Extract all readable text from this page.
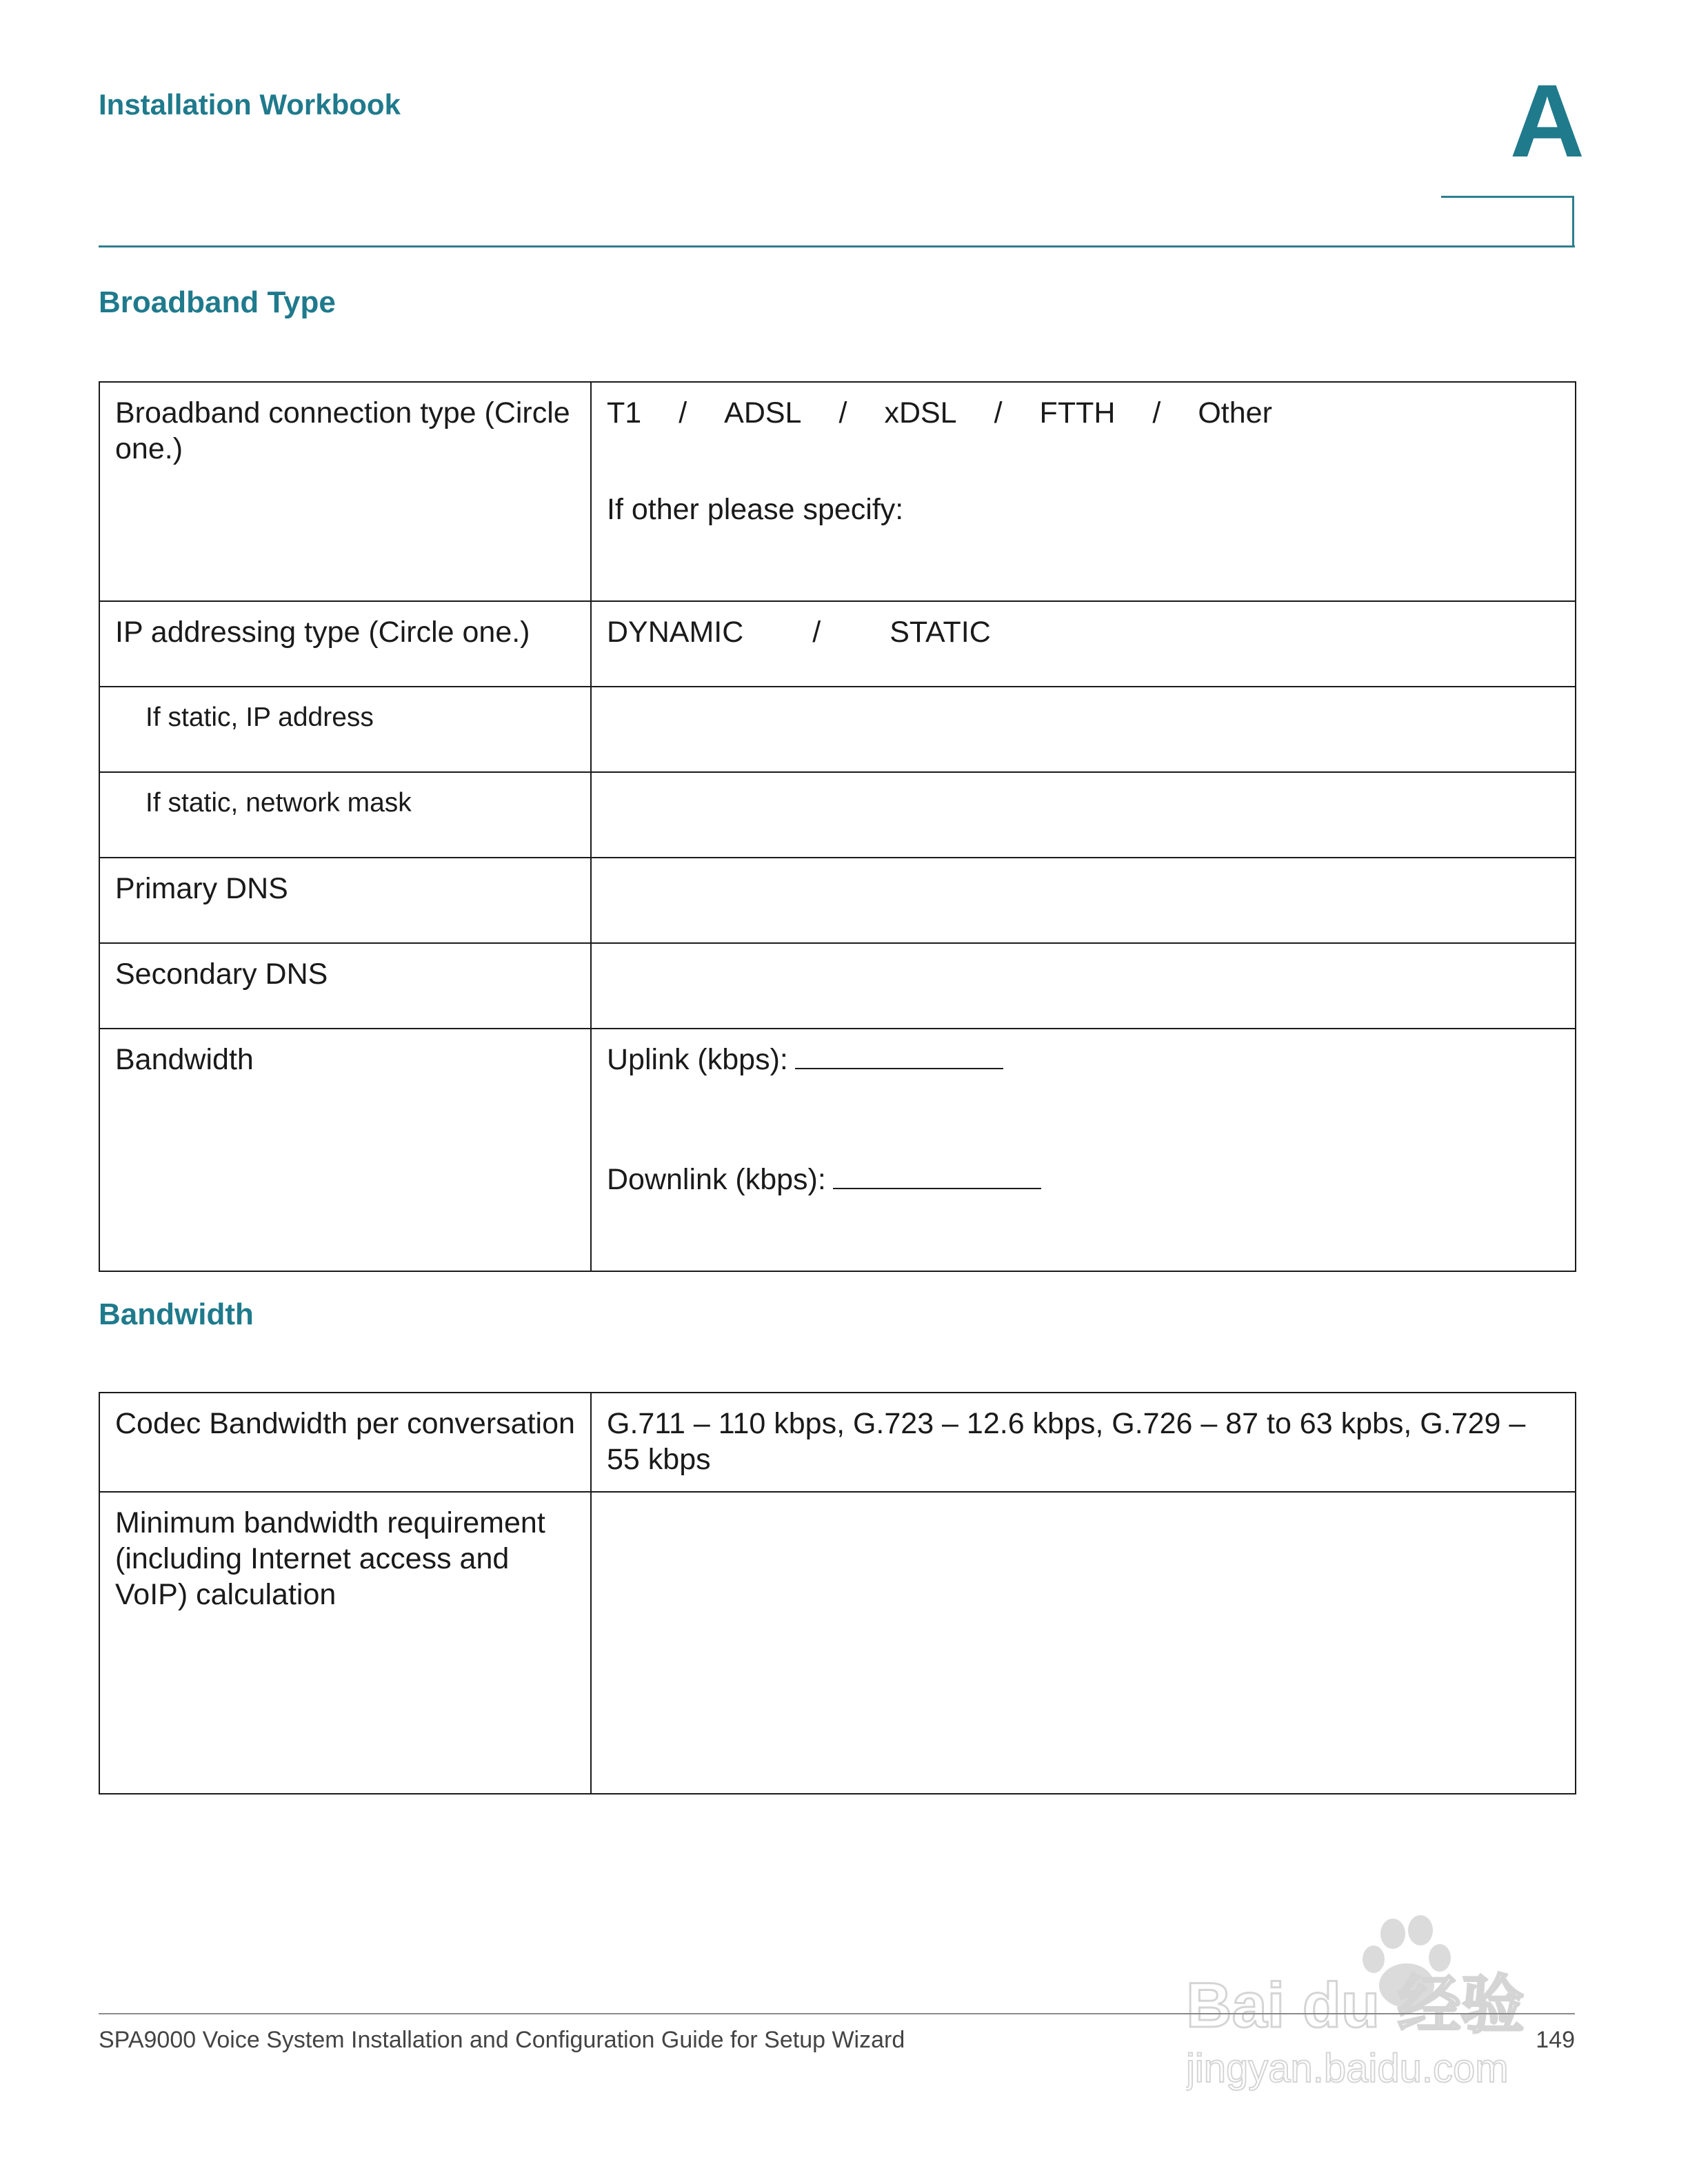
Installation Workbook	A
Broadband Type
Broadband connection type (Circle one.)	T1 / ADSL / xDSL / FTTH / Other
If other please specify:

IP addressing type (Circle one.)	DYNAMIC / STATIC
If static, IP address	
If static, network mask	
Primary DNS	
Secondary DNS	
Bandwidth	Uplink (kbps):
Downlink (kbps):
Bandwidth
Codec Bandwidth per conversation	G.711 – 110 kbps, G.723 – 12.6 kbps, G.726 – 87 to 63 kpbs, G.729 – 55 kbps
Minimum bandwidth requirement (including Internet access and VoIP) calculation	
SPA9000 Voice System Installation and Configuration Guide for Setup Wizard	149
Bai du 经验
jingyan.baidu.com
